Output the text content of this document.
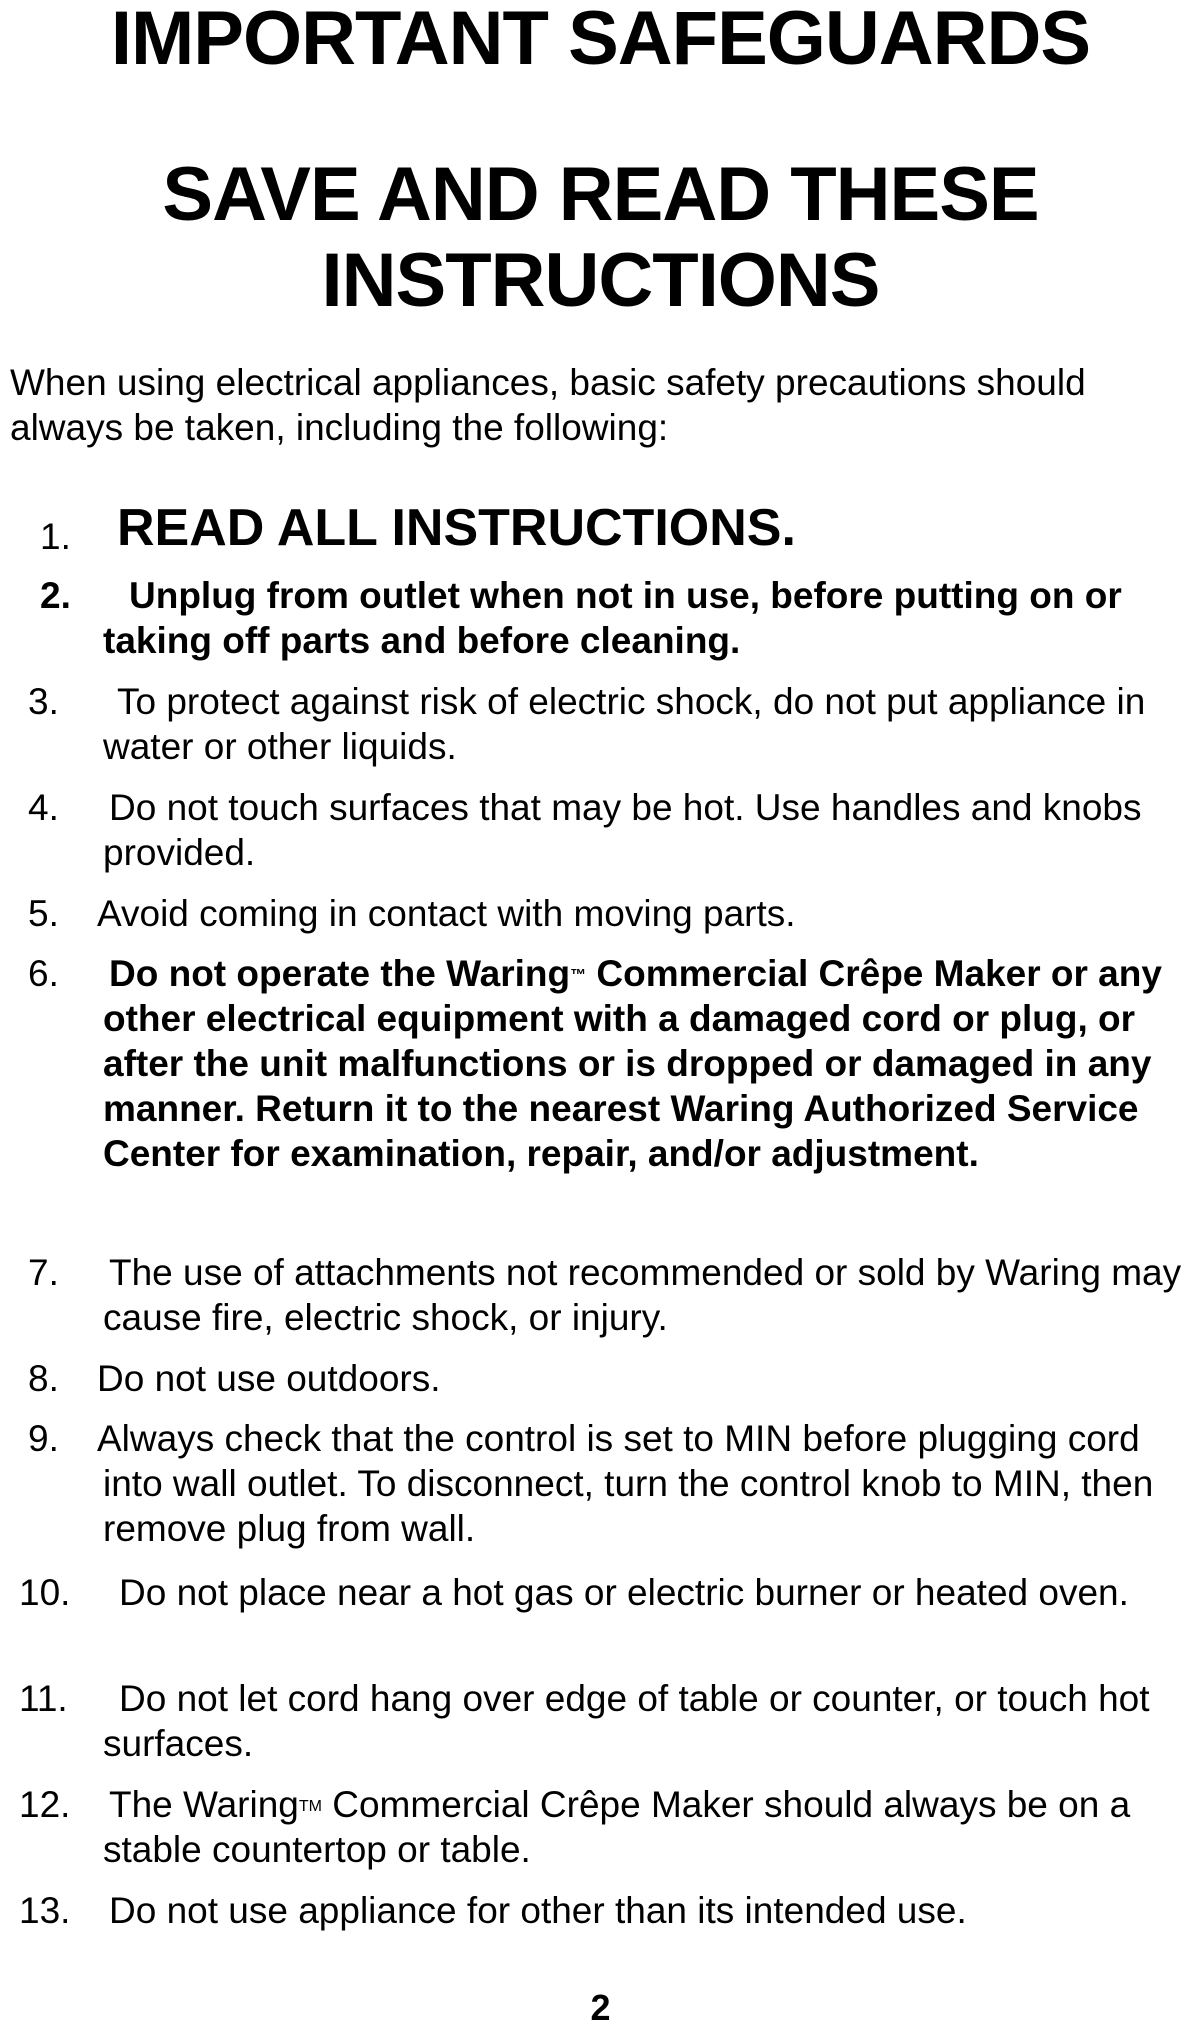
IMPORTANT SAFEGUARDS
SAVE AND READ THESE
INSTRUCTIONS

When using electrical appliances, basic safety precautions should always be taken, including the following:

1. READ ALL INSTRUCTIONS.
2.	Unplug from outlet when not in use, before putting on or taking off parts and before cleaning.
3.	To protect against risk of electric shock, do not put appliance in water or other liquids.
4. Do not touch surfaces that may be hot. Use handles and knobs provided.
5. Avoid coming in contact with moving parts.
6. Do not operate the Waring™ Commercial Crêpe Maker or any other electrical equipment with a damaged cord or plug, or after the unit malfunctions or is dropped or damaged in any manner. Return it to the nearest Waring Authorized Service Center for examination, repair, and/or adjustment.
7. The use of attachments not recommended or sold by Waring may cause fire, electric shock, or injury.
8. Do not use outdoors.
9. Always check that the control is set to MIN before plugging cord into wall outlet. To disconnect, turn the control knob to MIN, then remove plug from wall.
10.	Do not place near a hot gas or electric burner or heated oven.
11.	Do not let cord hang over edge of table or counter, or touch hot surfaces.
12. The Waring™ Commercial Crêpe Maker should always be on a stable countertop or table.
13. Do not use appliance for other than its intended use.
2
